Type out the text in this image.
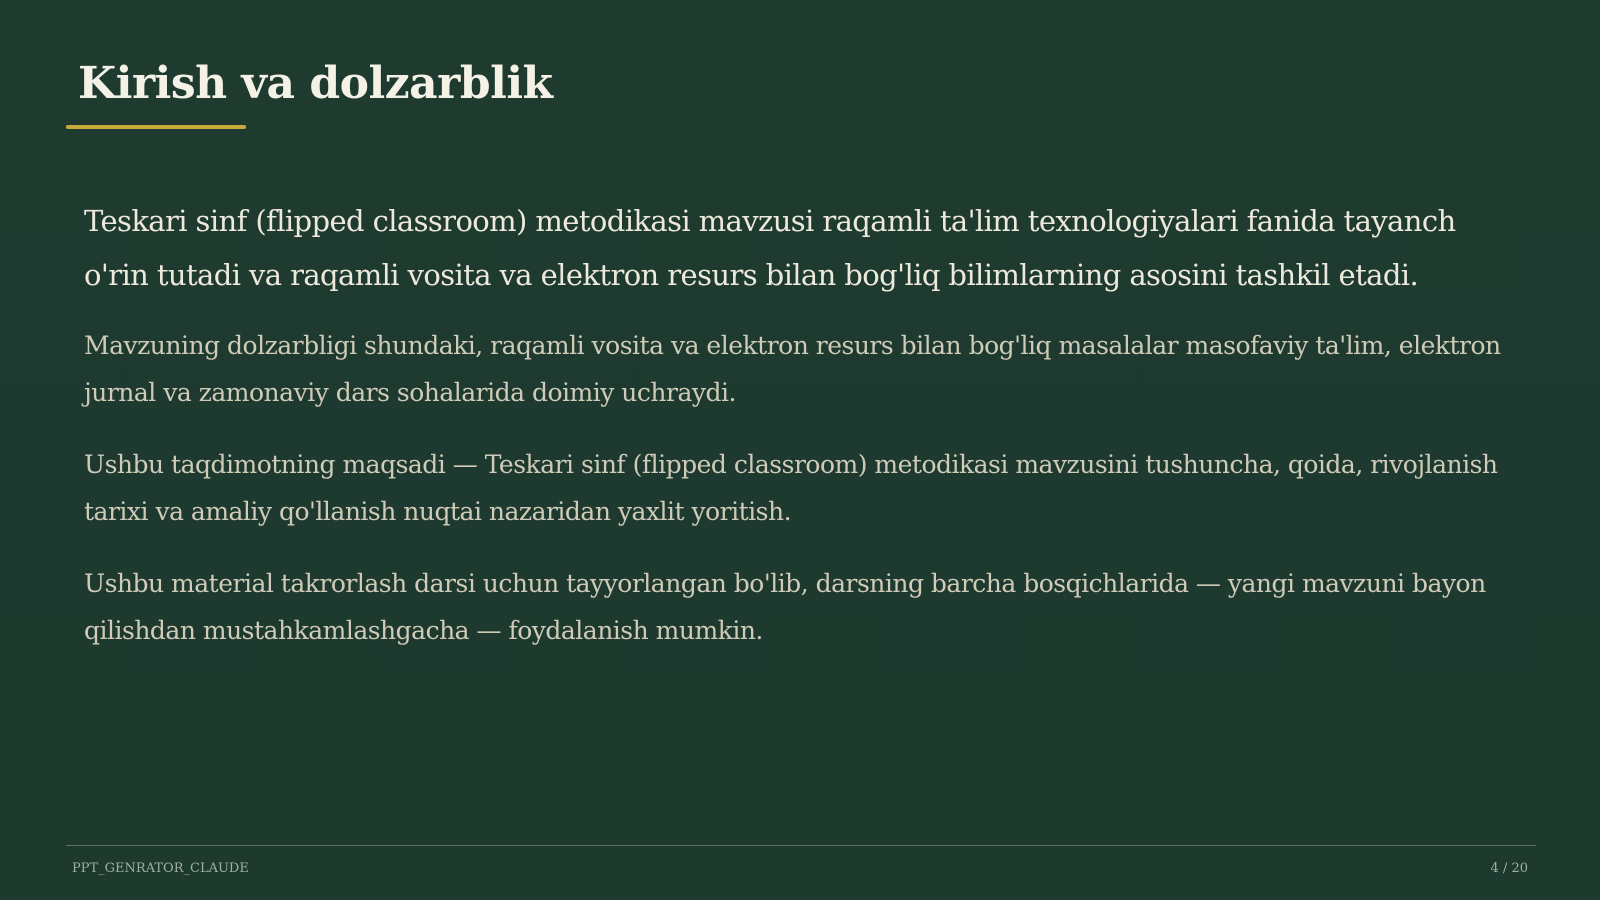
Kirish va dolzarblik

Teskari sinf (flipped classroom) metodikasi mavzusi raqamli ta'lim texnologiyalari fanida tayanch o'rin tutadi va raqamli vosita va elektron resurs bilan bog'liq bilimlarning asosini tashkil etadi.

Mavzuning dolzarbligi shundaki, raqamli vosita va elektron resurs bilan bog'liq masalalar masofaviy ta'lim, elektron jurnal va zamonaviy dars sohalarida doimiy uchraydi.

Ushbu taqdimotning maqsadi — Teskari sinf (flipped classroom) metodikasi mavzusini tushuncha, qoida, rivojlanish tarixi va amaliy qo'llanish nuqtai nazaridan yaxlit yoritish.

Ushbu material takrorlash darsi uchun tayyorlangan bo'lib, darsning barcha bosqichlarida — yangi mavzuni bayon qilishdan mustahkamlashgacha — foydalanish mumkin.

PPT_GENRATOR_CLAUDE	4 / 20
